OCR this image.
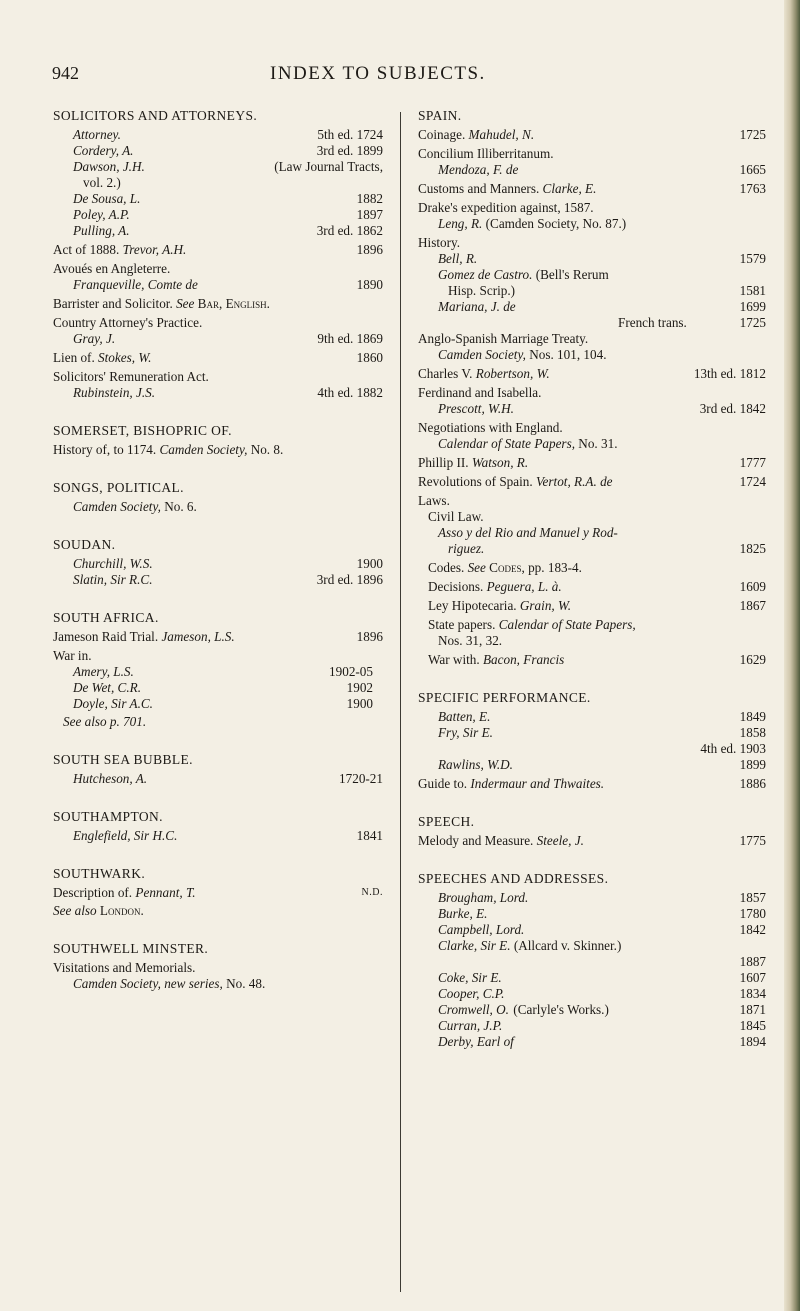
942	INDEX TO SUBJECTS.
SOLICITORS AND ATTORNEYS.
Attorney.	5th ed. 1724
Cordery, A.	3rd ed. 1899
Dawson, J.H.	(Law Journal Tracts,
vol. 2.)
De Sousa, L.	1882
Poley, A.P.	1897
Pulling, A.	3rd ed. 1862
Act of 1888. Trevor, A.H.	1896
Avoués en Angleterre.
Franqueville, Comte de	1890
Barrister and Solicitor. See Bar, English.
Country Attorney's Practice.
Gray, J.	9th ed. 1869
Lien of. Stokes, W.	1860
Solicitors' Remuneration Act.
Rubinstein, J.S.	4th ed. 1882
SOMERSET, BISHOPRIC OF.
History of, to 1174. Camden Society, No. 8.
SONGS, POLITICAL.
Camden Society, No. 6.
SOUDAN.
Churchill, W.S.	1900
Slatin, Sir R.C.	3rd ed. 1896
SOUTH AFRICA.
Jameson Raid Trial. Jameson, L.S.	1896
War in.
Amery, L.S.	1902-05
De Wet, C.R.	1902
Doyle, Sir A.C.	1900
See also p. 701.
SOUTH SEA BUBBLE.
Hutcheson, A.	1720-21
SOUTHAMPTON.
Englefield, Sir H.C.	1841
SOUTHWARK.
Description of. Pennant, T.	N.D.
See also London.
SOUTHWELL MINSTER.
Visitations and Memorials.
Camden Society, new series, No. 48.
SPAIN.
Coinage. Mahudel, N.	1725
Concilium Illiberritanum.
Mendoza, F. de	1665
Customs and Manners. Clarke, E.	1763
Drake's expedition against, 1587.
Leng, R. (Camden Society, No. 87.)
History.
Bell, R.	1579
Gomez de Castro. (Bell's Rerum
Hisp. Scrip.)	1581
Mariana, J. de	1699
French trans.	1725
Anglo-Spanish Marriage Treaty.
Camden Society, Nos. 101, 104.
Charles V. Robertson, W.	13th ed. 1812
Ferdinand and Isabella.
Prescott, W.H.	3rd ed. 1842
Negotiations with England.
Calendar of State Papers, No. 31.
Phillip II. Watson, R.	1777
Revolutions of Spain. Vertot, R.A. de	1724
Laws.
Civil Law.
Asso y del Rio and Manuel y Rod-
riguez.	1825
Codes. See Codes, pp. 183-4.
Decisions. Peguera, L. à.	1609
Ley Hipotecaria. Grain, W.	1867
State papers. Calendar of State Papers,
Nos. 31, 32.
War with. Bacon, Francis	1629
SPECIFIC PERFORMANCE.
Batten, E.	1849
Fry, Sir E.	1858
4th ed. 1903
Rawlins, W.D.	1899
Guide to. Indermaur and Thwaites.	1886
SPEECH.
Melody and Measure. Steele, J.	1775
SPEECHES AND ADDRESSES.
Brougham, Lord.	1857
Burke, E.	1780
Campbell, Lord.	1842
Clarke, Sir E. (Allcard v. Skinner.)
1887
Coke, Sir E.	1607
Cooper, C.P.	1834
Cromwell, O. (Carlyle's Works.)	1871
Curran, J.P.	1845
Derby, Earl of	1894
